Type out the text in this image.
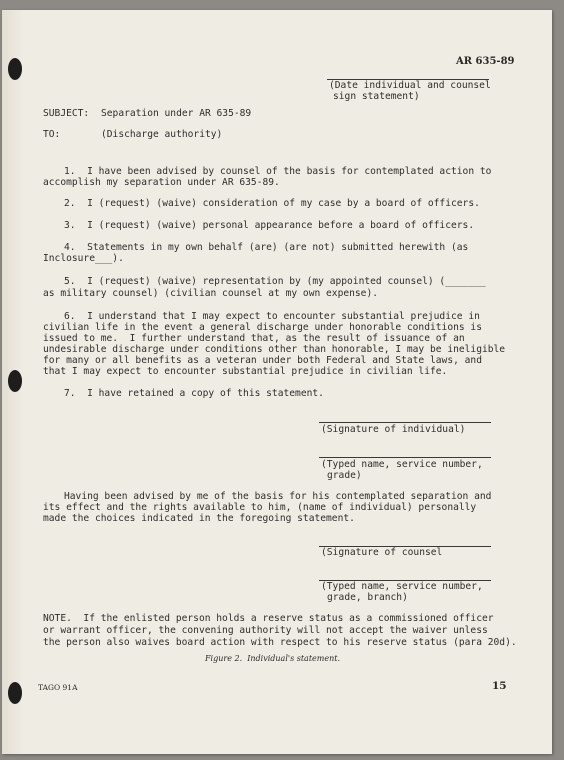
AR 635-89
(Date individual and counsel
sign statement)
SUBJECT: Separation under AR 635-89
TO:	(Discharge authority)
1.  I have been advised by counsel of the basis for contemplated action to
accomplish my separation under AR 635-89.
2.  I (request) (waive) consideration of my case by a board of officers.
3.  I (request) (waive) personal appearance before a board of officers.
4.  Statements in my own behalf (are) (are not) submitted herewith (as
Inclosure___).
5.  I (request) (waive) representation by (my appointed counsel) (_______
as military counsel) (civilian counsel at my own expense).
6.  I understand that I may expect to encounter substantial prejudice in
civilian life in the event a general discharge under honorable conditions is
issued to me.  I further understand that, as the result of issuance of an
undesirable discharge under conditions other than honorable, I may be ineligible
for many or all benefits as a veteran under both Federal and State laws, and
that I may expect to encounter substantial prejudice in civilian life.
7.  I have retained a copy of this statement.
(Signature of individual)
(Typed name, service number,
grade)
Having been advised by me of the basis for his contemplated separation and
its effect and the rights available to him, (name of individual) personally
made the choices indicated in the foregoing statement.
(Signature of counsel
(Typed name, service number,
grade, branch)
NOTE.  If the enlisted person holds a reserve status as a commissioned officer
or warrant officer, the convening authority will not accept the waiver unless
the person also waives board action with respect to his reserve status (para 20d).
Figure 2.  Individual's statement.
TAGO 91A	15
